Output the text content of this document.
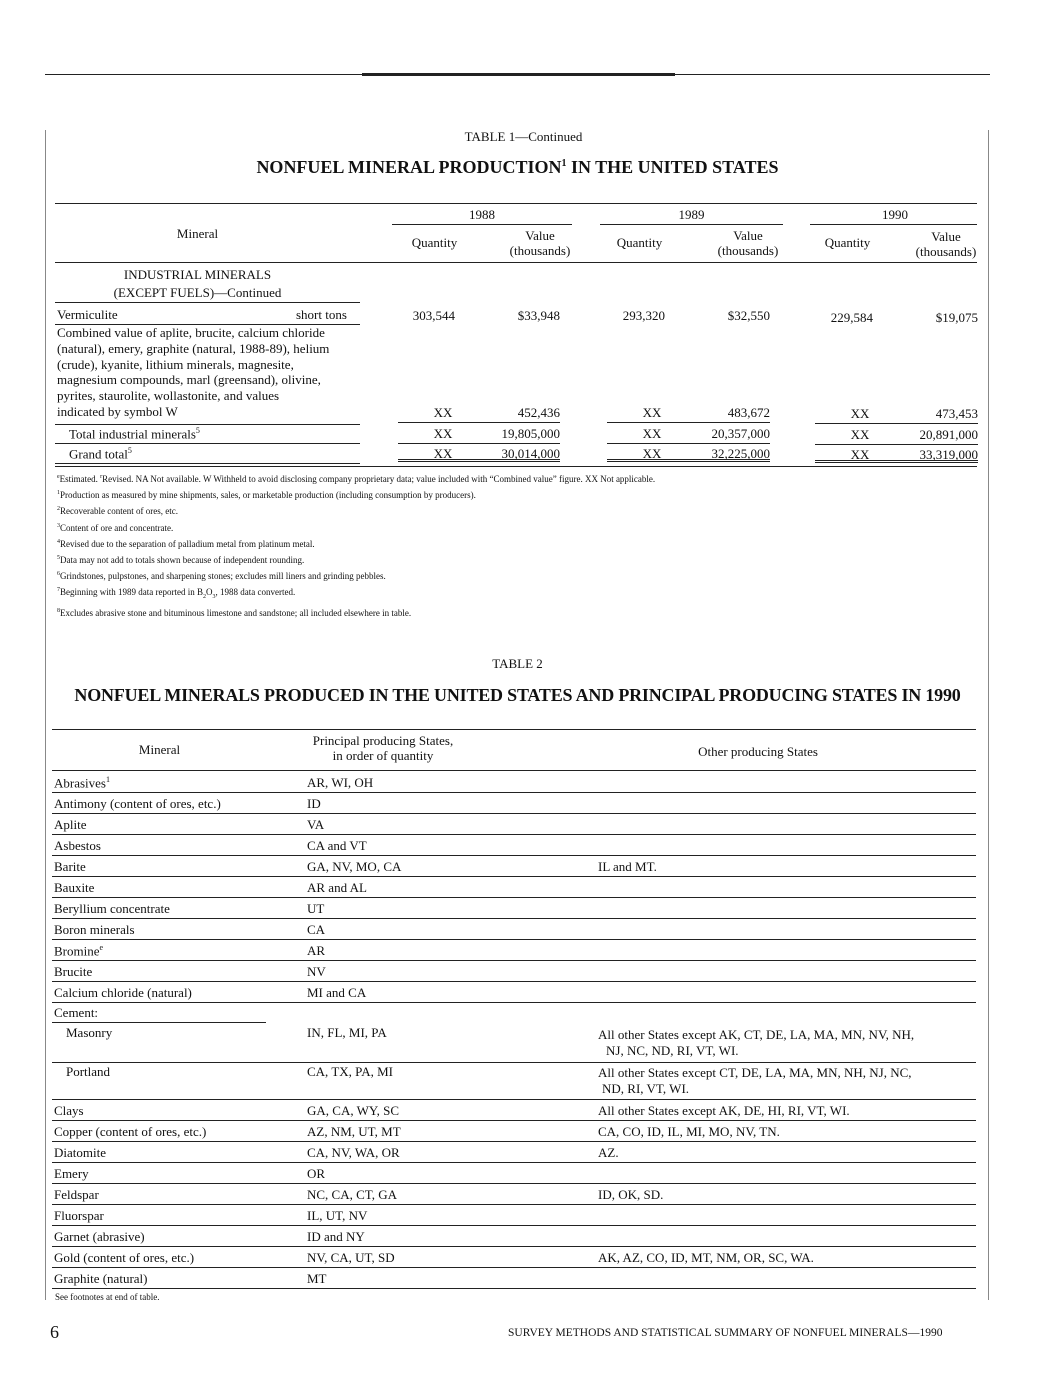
TABLE 1—Continued
NONFUEL MINERAL PRODUCTION$^1$ IN THE UNITED STATES
Mineral
1988	1989	1990
Quantity	Value
(thousands)
Quantity	Value
(thousands)
Quantity	Value
(thousands)
INDUSTRIAL MINERALS
(EXCEPT FUELS)—Continued
Vermiculite	short tons	303,544	$33,948	293,320	$32,550	229,584	$19,075
Combined value of aplite, brucite, calcium chloride
(natural), emery, graphite (natural, 1988-89), helium
(crude), kyanite, lithium minerals, magnesite,
magnesium compounds, marl (greensand), olivine,
pyrites, staurolite, wollastonite, and values
indicated by symbol W	XX	452,436	XX	483,672	XX	473,453
Total industrial minerals$^5$	XX	19,805,000	XX	20,357,000	XX	20,891,000
Grand total$^5$	XX	30,014,000	XX	32,225,000	XX	33,319,000
$^e$Estimated. $^r$Revised. NA Not available. W Withheld to avoid disclosing company proprietary data; value included with “Combined value” figure. XX Not applicable.
$^1$Production as measured by mine shipments, sales, or marketable production (including consumption by producers).
$^2$Recoverable content of ores, etc.
$^3$Content of ore and concentrate.
$^4$Revised due to the separation of palladium metal from platinum metal.
$^5$Data may not add to totals shown because of independent rounding.
$^6$Grindstones, pulpstones, and sharpening stones; excludes mill liners and grinding pebbles.
$^7$Beginning with 1989 data reported in $B_2O_3$, 1988 data converted.
$^8$Excludes abrasive stone and bituminous limestone and sandstone; all included elsewhere in table.
TABLE 2
NONFUEL MINERALS PRODUCED IN THE UNITED STATES AND PRINCIPAL PRODUCING STATES IN 1990
Mineral
Principal producing States,
in order of quantity	Other producing States
Abrasives$^1$	AR, WI, OH
Antimony (content of ores, etc.)	ID
Aplite	VA
Asbestos	CA and VT
Barite	GA, NV, MO, CA	IL and MT.
Bauxite	AR and AL
Beryllium concentrate	UT
Boron minerals	CA
Bromine$^e$	AR
Brucite	NV
Calcium chloride (natural)	MI and CA
Cement:
Masonry	IN, FL, MI, PA	All other States except AK, CT, DE, LA, MA, MN, NV, NH,
NJ, NC, ND, RI, VT, WI.
Portland	CA, TX, PA, MI	All other States except CT, DE, LA, MA, MN, NH, NJ, NC,
ND, RI, VT, WI.
Clays	GA, CA, WY, SC	All other States except AK, DE, HI, RI, VT, WI.
Copper (content of ores, etc.)	AZ, NM, UT, MT	CA, CO, ID, IL, MI, MO, NV, TN.
Diatomite	CA, NV, WA, OR	AZ.
Emery	OR
Feldspar	NC, CA, CT, GA	ID, OK, SD.
Fluorspar	IL, UT, NV
Garnet (abrasive)	ID and NY
Gold (content of ores, etc.)	NV, CA, UT, SD	AK, AZ, CO, ID, MT, NM, OR, SC, WA.
Graphite (natural)	MT
See footnotes at end of table.
6	SURVEY METHODS AND STATISTICAL SUMMARY OF NONFUEL MINERALS—1990
